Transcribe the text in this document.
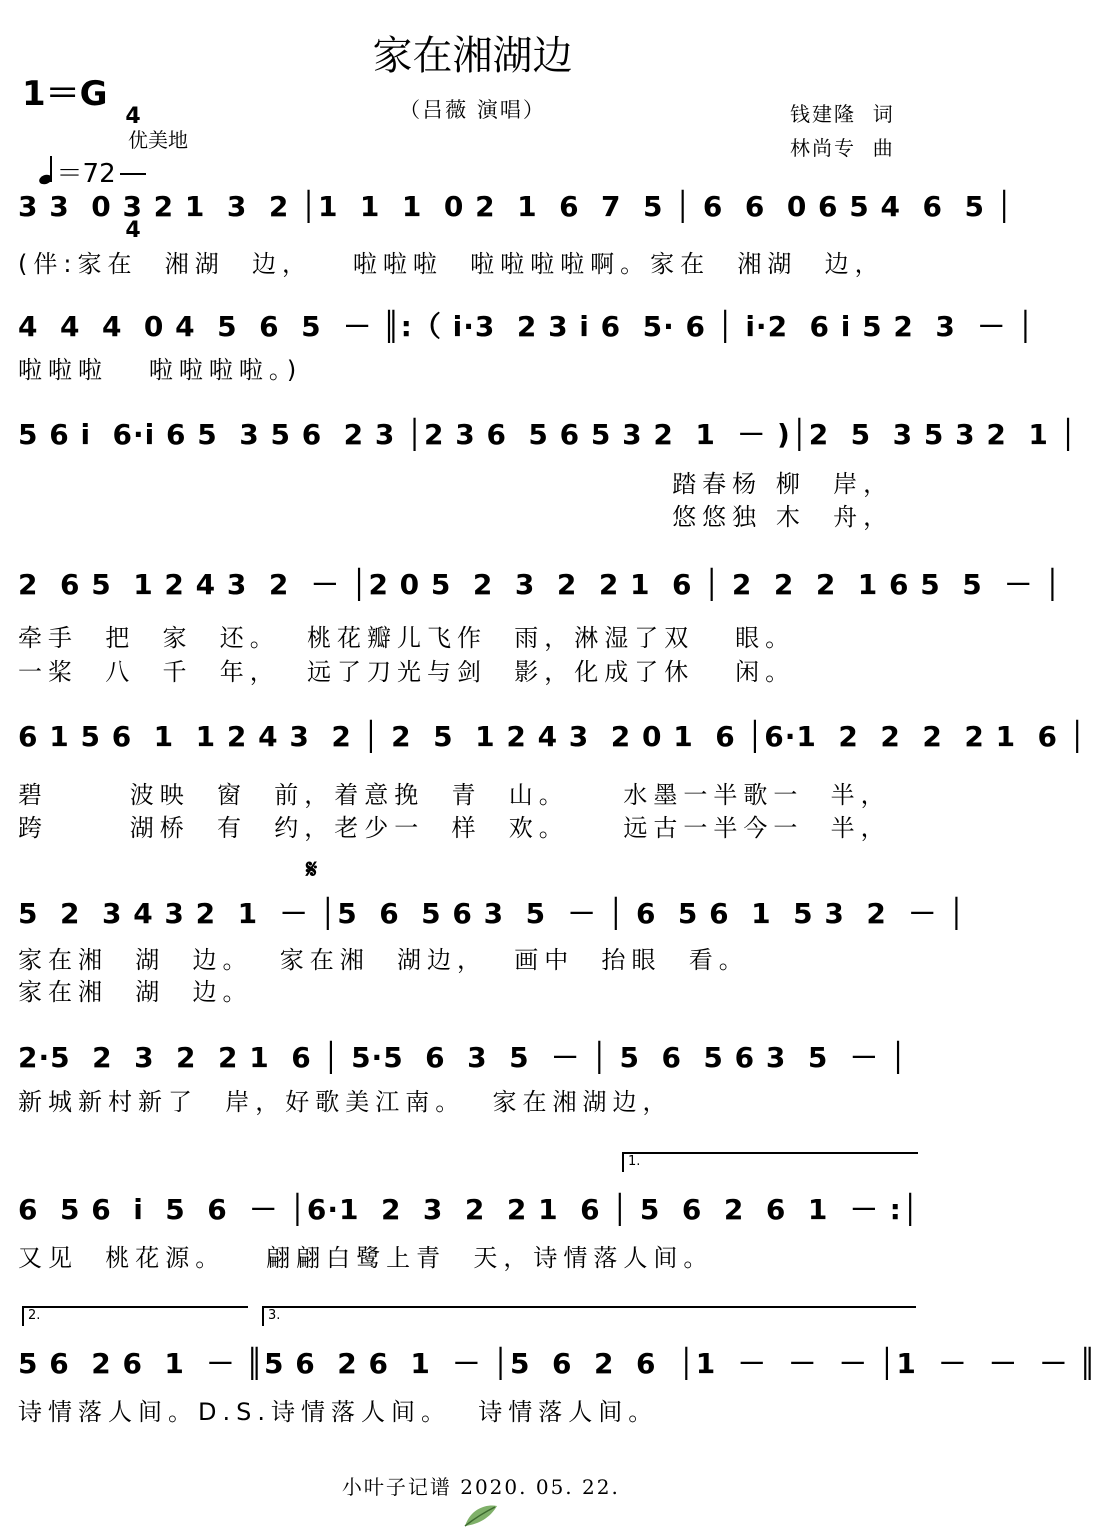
家在湘湖边
（吕薇 演唱）
1＝G

4

4

＝72

优美地
钱建隆  词
林尚专  曲
3 3  0 3 2 1  3  2 │1  1  1  0 2  1  6  7  5 │ 6  6  0 6 5 4  6  5 │
(伴:家在  湘湖  边，   啦啦啦  啦啦啦啦啊。家在  湘湖  边，
4  4  4  0 4  5  6  5  － ║:（ i·3  2 3 i 6  5· 6 │ i·2  6 i 5 2  3  － │
啦啦啦   啦啦啦啦。)
5 6 i  6·i 6 5  3 5 6  2 3 │2 3 6  5 6 5 3 2  1  － )│2  5  3 5 3 2  1 │
踏春杨 柳  岸，
悠悠独 木  舟，
2  6 5  1 2 4 3  2  － │2 0 5  2  3  2  2 1  6 │ 2  2  2  1 6 5  5  － │
牵手  把  家  还。  桃花瓣儿飞作  雨，淋湿了双   眼。
一桨  八  千  年，  远了刀光与剑  影，化成了休   闲。
6 1 5 6  1  1 2 4 3  2 │ 2  5  1 2 4 3  2 0 1  6 │6·1  2  2  2  2 1  6 │
碧      波映  窗  前，着意挽  青  山。    水墨一半歌一  半，
跨      湖桥  有  约，老少一  样  欢。    远古一半今一  半，
𝄋
5  2  3 4 3 2  1  － │5  6  5 6 3  5  － │ 6  5 6  1  5 3  2  － │
家在湘  湖  边。  家在湘  湖边，  画中  抬眼  看。
家在湘  湖  边。
2·5  2  3  2  2 1  6 │ 5·5  6  3  5  － │ 5  6  5 6 3  5  － │
新城新村新了  岸，好歌美江南。  家在湘湖边，
1.
6  5 6  i  5  6  － │6·1  2  3  2  2 1  6 │ 5  6  2  6  1  － :│
又见  桃花源。   翩翩白鹭上青  天，诗情落人间。
2.	3.
5 6  2 6  1  － ║5 6  2 6  1  － │5  6  2  6  │1  －  －  － │1  －  －  － ║
诗情落人间。D.S.诗情落人间。  诗情落人间。

小叶子记谱 2020. 05. 22.
